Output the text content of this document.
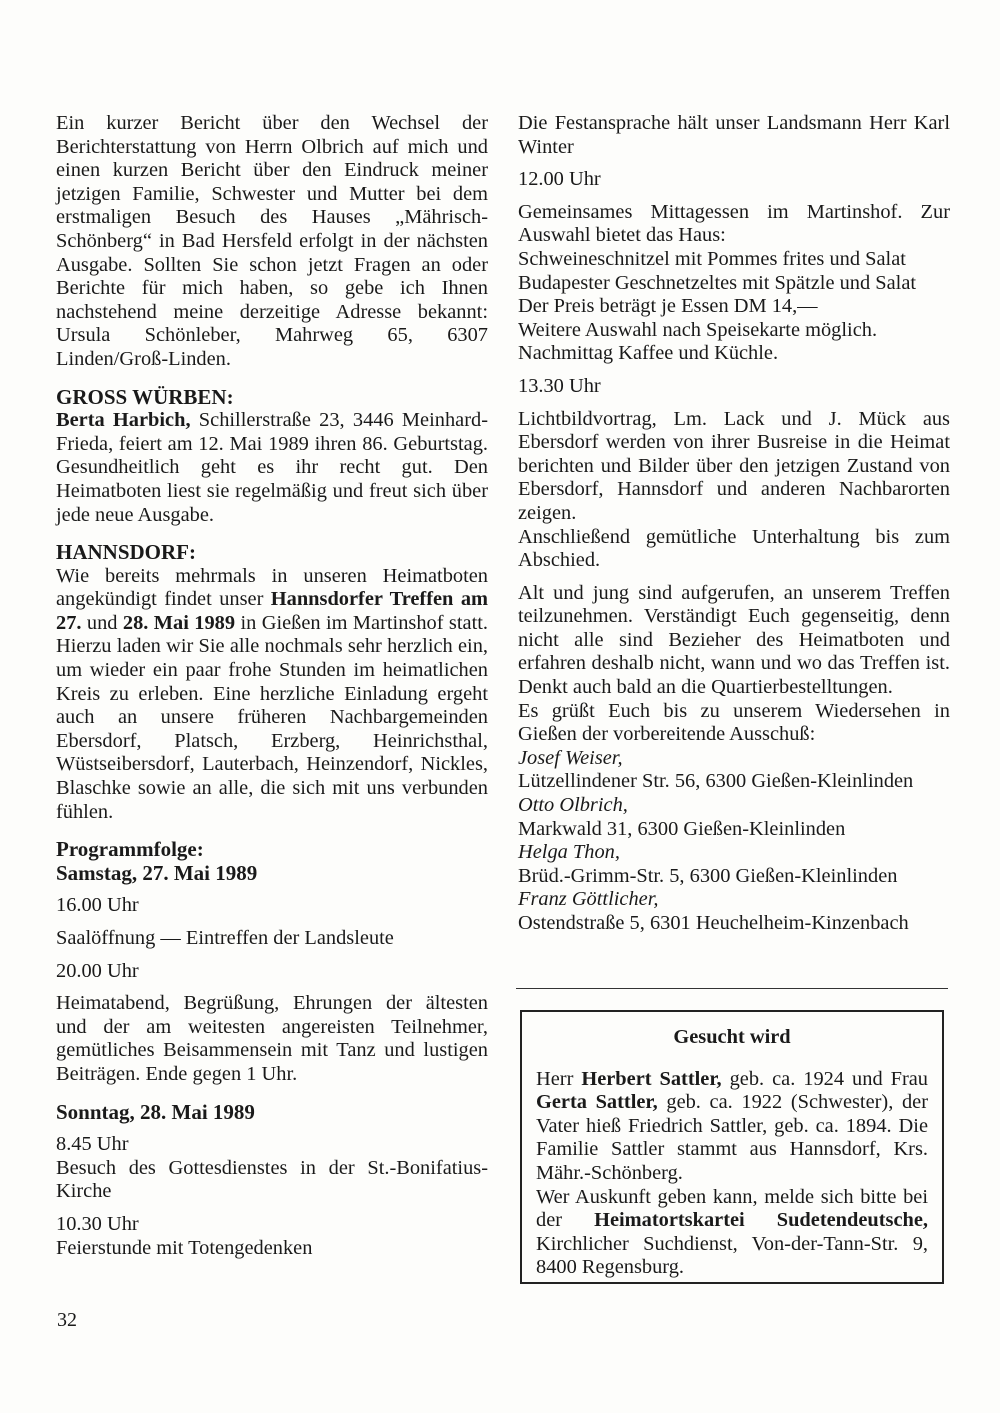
Ein kurzer Bericht über den Wechsel der Berichterstattung von Herrn Olbrich auf mich und einen kurzen Bericht über den Eindruck meiner jetzigen Familie, Schwester und Mutter bei dem erstmaligen Besuch des Hauses „Mährisch-Schönberg“ in Bad Hersfeld erfolgt in der nächsten Ausgabe. Sollten Sie schon jetzt Fragen an oder Berichte für mich haben, so gebe ich Ihnen nachstehend meine derzeitige Adresse bekannt: Ursula Schönleber, Mahrweg 65, 6307 Linden/Groß-Linden.

GROSS WÜRBEN:

Berta Harbich, Schillerstraße 23, 3446 Meinhard-Frieda, feiert am 12. Mai 1989 ihren 86. Geburtstag. Gesundheitlich geht es ihr recht gut. Den Heimatboten liest sie regelmäßig und freut sich über jede neue Ausgabe.

HANNSDORF:

Wie bereits mehrmals in unseren Heimatboten angekündigt findet unser Hannsdorfer Treffen am 27. und 28. Mai 1989 in Gießen im Martinshof statt. Hierzu laden wir Sie alle nochmals sehr herzlich ein, um wieder ein paar frohe Stunden im heimatlichen Kreis zu erleben. Eine herzliche Einladung ergeht auch an unsere früheren Nachbargemeinden Ebersdorf, Platsch, Erzberg, Heinrichsthal, Wüstseibersdorf, Lauterbach, Heinzendorf, Nickles, Blaschke sowie an alle, die sich mit uns verbunden fühlen.

Programmfolge:

Samstag, 27. Mai 1989

16.00 Uhr

Saalöffnung — Eintreffen der Landsleute

20.00 Uhr

Heimatabend, Begrüßung, Ehrungen der ältesten und der am weitesten angereisten Teilnehmer, gemütliches Beisammensein mit Tanz und lustigen Beiträgen. Ende gegen 1 Uhr.

Sonntag, 28. Mai 1989

8.45 Uhr

Besuch des Gottesdienstes in der St.-Bonifatius-Kirche

10.30 Uhr

Feierstunde mit Totengedenken

Die Festansprache hält unser Landsmann Herr Karl Winter

12.00 Uhr

Gemeinsames Mittagessen im Martinshof. Zur Auswahl bietet das Haus:

Schweineschnitzel mit Pommes frites und Salat

Budapester Geschnetzeltes mit Spätzle und Salat

Der Preis beträgt je Essen DM 14,—

Weitere Auswahl nach Speisekarte möglich.

Nachmittag Kaffee und Küchle.

13.30 Uhr

Lichtbildvortrag, Lm. Lack und J. Mück aus Ebersdorf werden von ihrer Busreise in die Heimat berichten und Bilder über den jetzigen Zustand von Ebersdorf, Hannsdorf und anderen Nachbarorten zeigen.

Anschließend gemütliche Unterhaltung bis zum Abschied.

Alt und jung sind aufgerufen, an unserem Treffen teilzunehmen. Verständigt Euch gegenseitig, denn nicht alle sind Bezieher des Heimatboten und erfahren deshalb nicht, wann und wo das Treffen ist. Denkt auch bald an die Quartierbestelltungen.

Es grüßt Euch bis zu unserem Wiedersehen in Gießen der vorbereitende Ausschuß:

Josef Weiser,

Lützellindener Str. 56, 6300 Gießen-Kleinlinden

Otto Olbrich,

Markwald 31, 6300 Gießen-Kleinlinden

Helga Thon,

Brüd.-Grimm-Str. 5, 6300 Gießen-Kleinlinden

Franz Göttlicher,

Ostendstraße 5, 6301 Heuchelheim-Kinzenbach

Gesucht wird

Herr Herbert Sattler, geb. ca. 1924 und Frau Gerta Sattler, geb. ca. 1922 (Schwester), der Vater hieß Friedrich Sattler, geb. ca. 1894. Die Familie Sattler stammt aus Hannsdorf, Krs. Mähr.-Schönberg.

Wer Auskunft geben kann, melde sich bitte bei der Heimatortskartei Sudetendeutsche, Kirchlicher Suchdienst, Von-der-Tann-Str. 9, 8400 Regensburg.

32
